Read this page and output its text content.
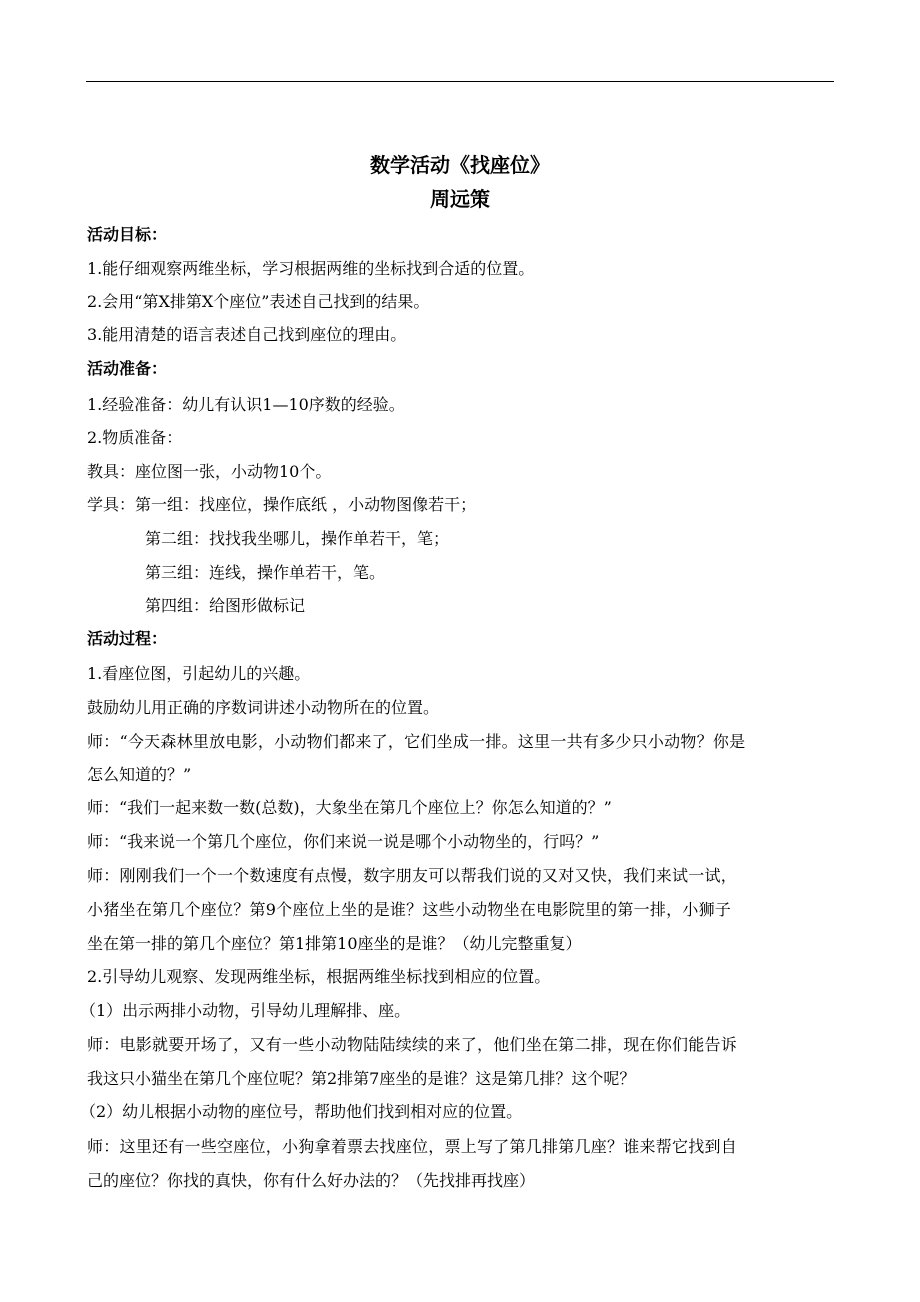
数学活动《找座位》
周远策
活动目标：
1.能仔细观察两维坐标，学习根据两维的坐标找到合适的位置。
2.会用“第X排第X个座位”表述自己找到的结果。
3.能用清楚的语言表述自己找到座位的理由。
活动准备：
1.经验准备：幼儿有认识1—10序数的经验。
2.物质准备：
教具：座位图一张，小动物10个。
学具：第一组：找座位，操作底纸 ，小动物图像若干；
第二组：找找我坐哪儿，操作单若干，笔；
第三组：连线，操作单若干，笔。
第四组：给图形做标记
活动过程：
1.看座位图，引起幼儿的兴趣。
鼓励幼儿用正确的序数词讲述小动物所在的位置。
师：“今天森林里放电影，小动物们都来了，它们坐成一排。这里一共有多少只小动物？你是
怎么知道的？”
师：“我们一起来数一数(总数)，大象坐在第几个座位上？你怎么知道的？”
师：“我来说一个第几个座位，你们来说一说是哪个小动物坐的，行吗？”
师：刚刚我们一个一个数速度有点慢，数字朋友可以帮我们说的又对又快，我们来试一试，
小猪坐在第几个座位？第9个座位上坐的是谁？这些小动物坐在电影院里的第一排，小狮子
坐在第一排的第几个座位？第1排第10座坐的是谁？（幼儿完整重复）
2.引导幼儿观察、发现两维坐标，根据两维坐标找到相应的位置。
（1）出示两排小动物，引导幼儿理解排、座。
师：电影就要开场了，又有一些小动物陆陆续续的来了，他们坐在第二排，现在你们能告诉
我这只小猫坐在第几个座位呢？第2排第7座坐的是谁？这是第几排？这个呢？
（2）幼儿根据小动物的座位号，帮助他们找到相对应的位置。
师：这里还有一些空座位，小狗拿着票去找座位，票上写了第几排第几座？谁来帮它找到自
己的座位？你找的真快，你有什么好办法的？（先找排再找座）
